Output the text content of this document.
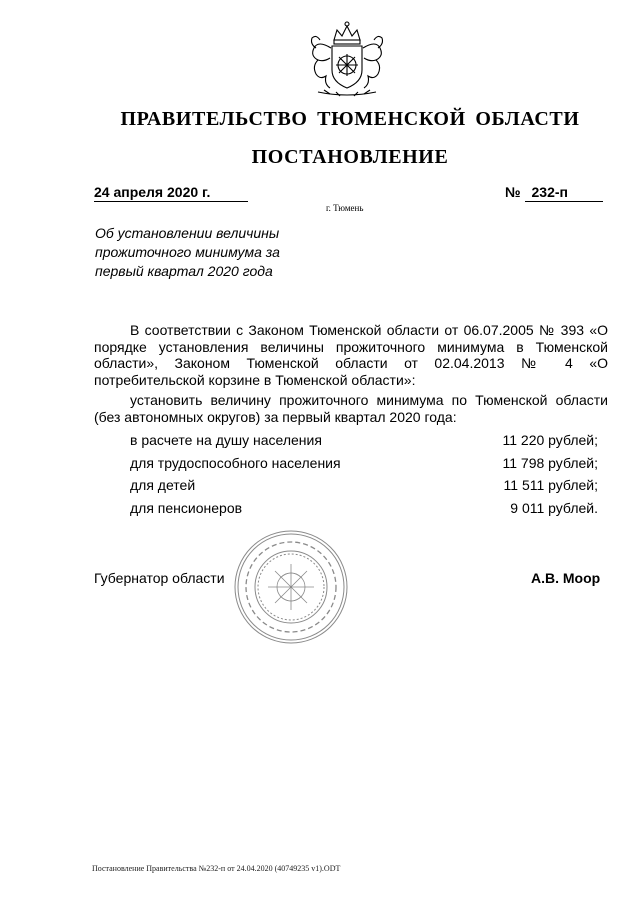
ПРАВИТЕЛЬСТВО ТЮМЕНСКОЙ ОБЛАСТИ
ПОСТАНОВЛЕНИЕ
24 апреля 2020 г.	№ 232-п
г. Тюмень
Об установлении величины прожиточного минимума за первый квартал 2020 года
В соответствии с Законом Тюменской области от 06.07.2005 № 393 «О порядке установления величины прожиточного минимума в Тюменской области», Законом Тюменской области от 02.04.2013 № 4 «О потребительской корзине в Тюменской области»:
установить величину прожиточного минимума по Тюменской области (без автономных округов) за первый квартал 2020 года:
в расчете на душу населения	11 220 рублей;
для трудоспособного населения	11 798 рублей;
для детей	11 511 рублей;
для пенсионеров	9 011 рублей.
Губернатор области	А.В. Моор
Постановление Правительства №232-п от 24.04.2020 (40749235 v1).ODT
